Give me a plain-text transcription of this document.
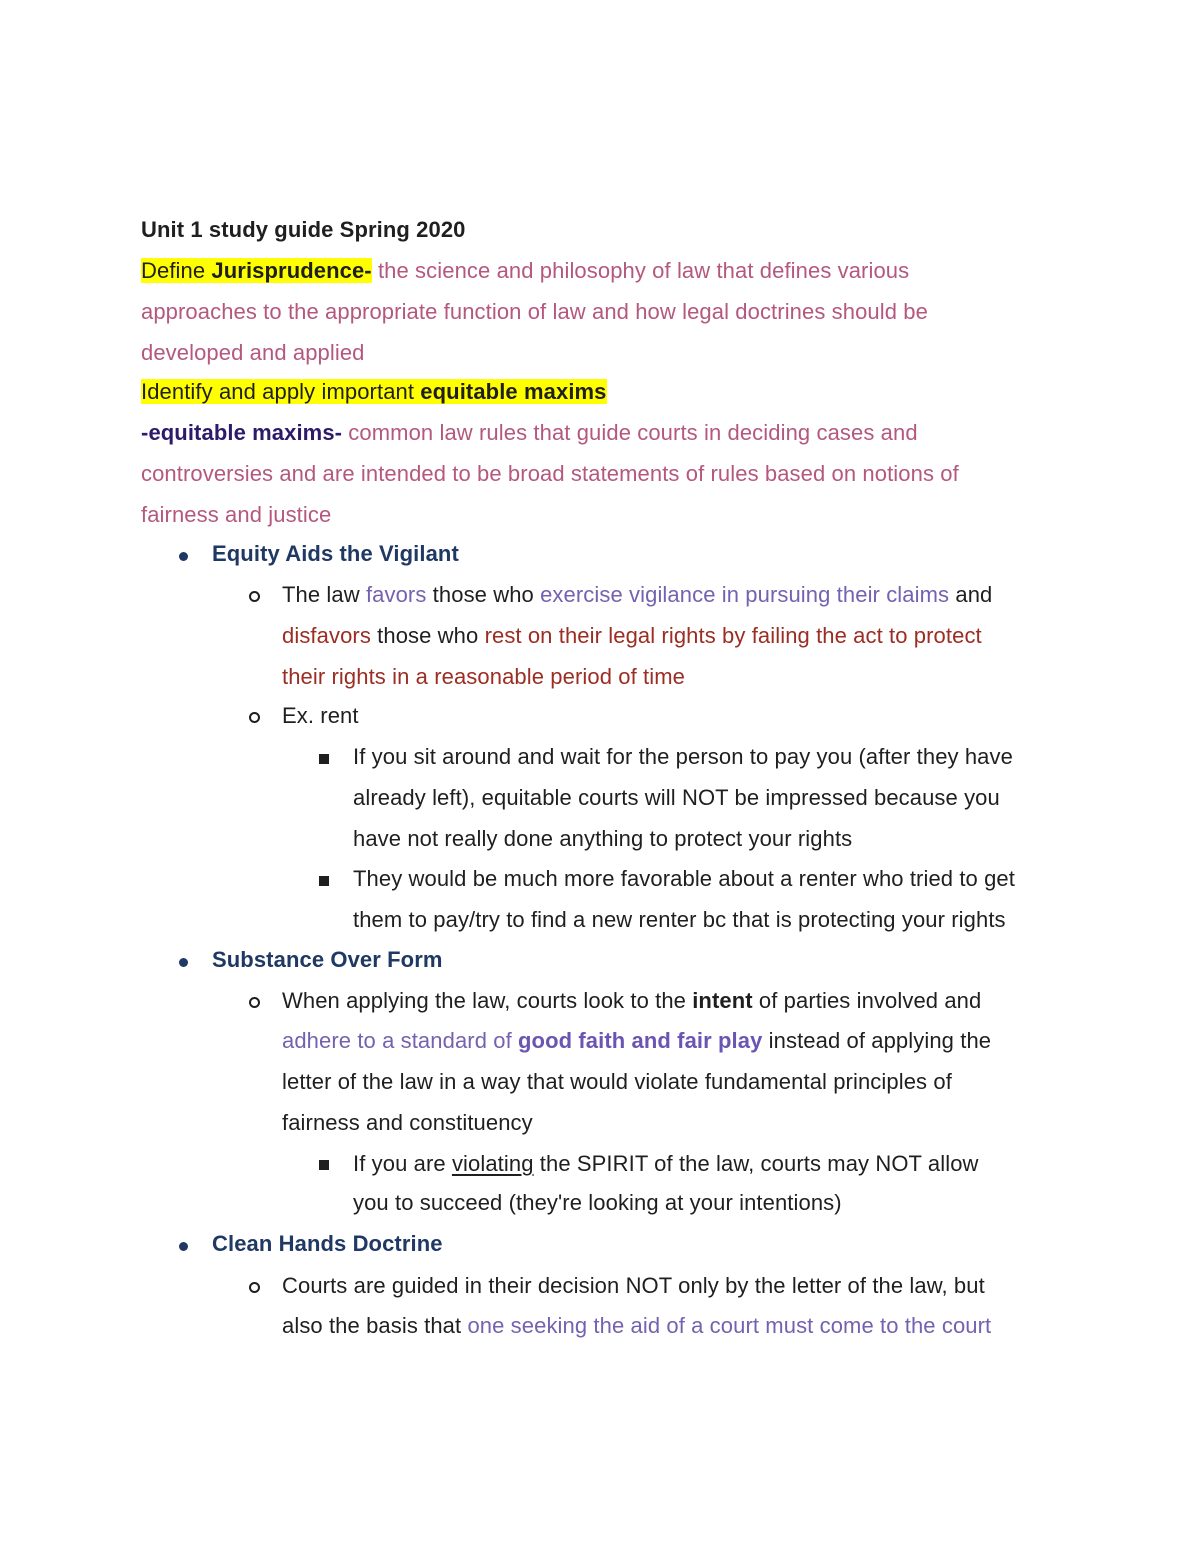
Unit 1 study guide Spring 2020
Define Jurisprudence- the science and philosophy of law that defines various
approaches to the appropriate function of law and how legal doctrines should be
developed and applied
Identify and apply important equitable maxims
-equitable maxims- common law rules that guide courts in deciding cases and
controversies and are intended to be broad statements of rules based on notions of
fairness and justice
Equity Aids the Vigilant
The law favors those who exercise vigilance in pursuing their claims and
disfavors those who rest on their legal rights by failing the act to protect
their rights in a reasonable period of time
Ex. rent
If you sit around and wait for the person to pay you (after they have
already left), equitable courts will NOT be impressed because you
have not really done anything to protect your rights
They would be much more favorable about a renter who tried to get
them to pay/try to find a new renter bc that is protecting your rights
Substance Over Form
When applying the law, courts look to the intent of parties involved and
adhere to a standard of good faith and fair play instead of applying the
letter of the law in a way that would violate fundamental principles of
fairness and constituency
If you are violating the SPIRIT of the law, courts may NOT allow
you to succeed (they're looking at your intentions)
Clean Hands Doctrine
Courts are guided in their decision NOT only by the letter of the law, but
also the basis that one seeking the aid of a court must come to the court
